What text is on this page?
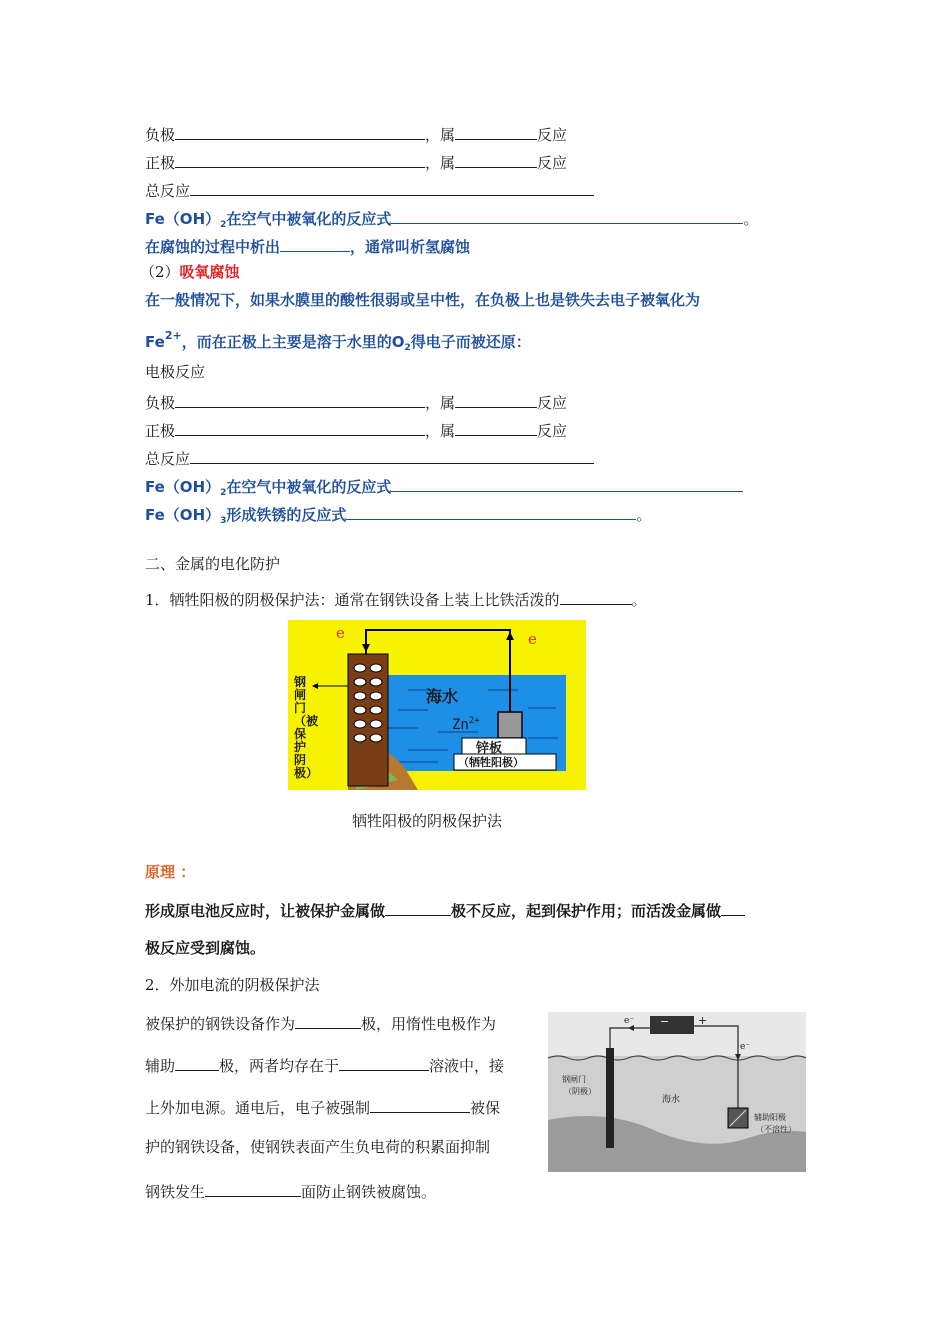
负极	，属	反应
正极	，属	反应
总反应
$Fe(OH)_2$在空气中被氧化的反应式	。
在腐蚀的过程中析出	，通常叫析氢腐蚀
（2）吸氧腐蚀
在一般情况下，如果水膜里的酸性很弱或呈中性，在负极上也是铁失去电子被氧化为
$Fe^{2+}$，而在正极上主要是溶于水里的$O_2$得电子而被还原：
电极反应
负极	，属	反应
正极	，属	反应
总反应
$Fe(OH)_2$在空气中被氧化的反应式
$Fe(OH)_3$形成铁锈的反应式	。
二、金属的电化防护
1．牺牲阳极的阴极保护法：通常在钢铁设备上装上比铁活泼的	。
e	e
海水
$Zn^{2+}$
锌板
（牺牲阳极）
钢闸门（被保护阴极）
牺牲阳极的阴极保护法
原理 ：
形成原电池反应时，让被保护金属做	极不反应，起到保护作用；而活泼金属做
极反应受到腐蚀。
2．外加电流的阴极保护法
被保护的钢铁设备作为	极，用惰性电极作为
辅助	极，两者均存在于	溶液中，接
上外加电源。通电后，电子被强制	被保
护的钢铁设备，使钢铁表面产生负电荷的积累面抑制
钢铁发生	面防止钢铁被腐蚀。
e⁻
e⁻
−	+
钢闸门
（阴极）
海水
辅助阳极
（不溶性）
